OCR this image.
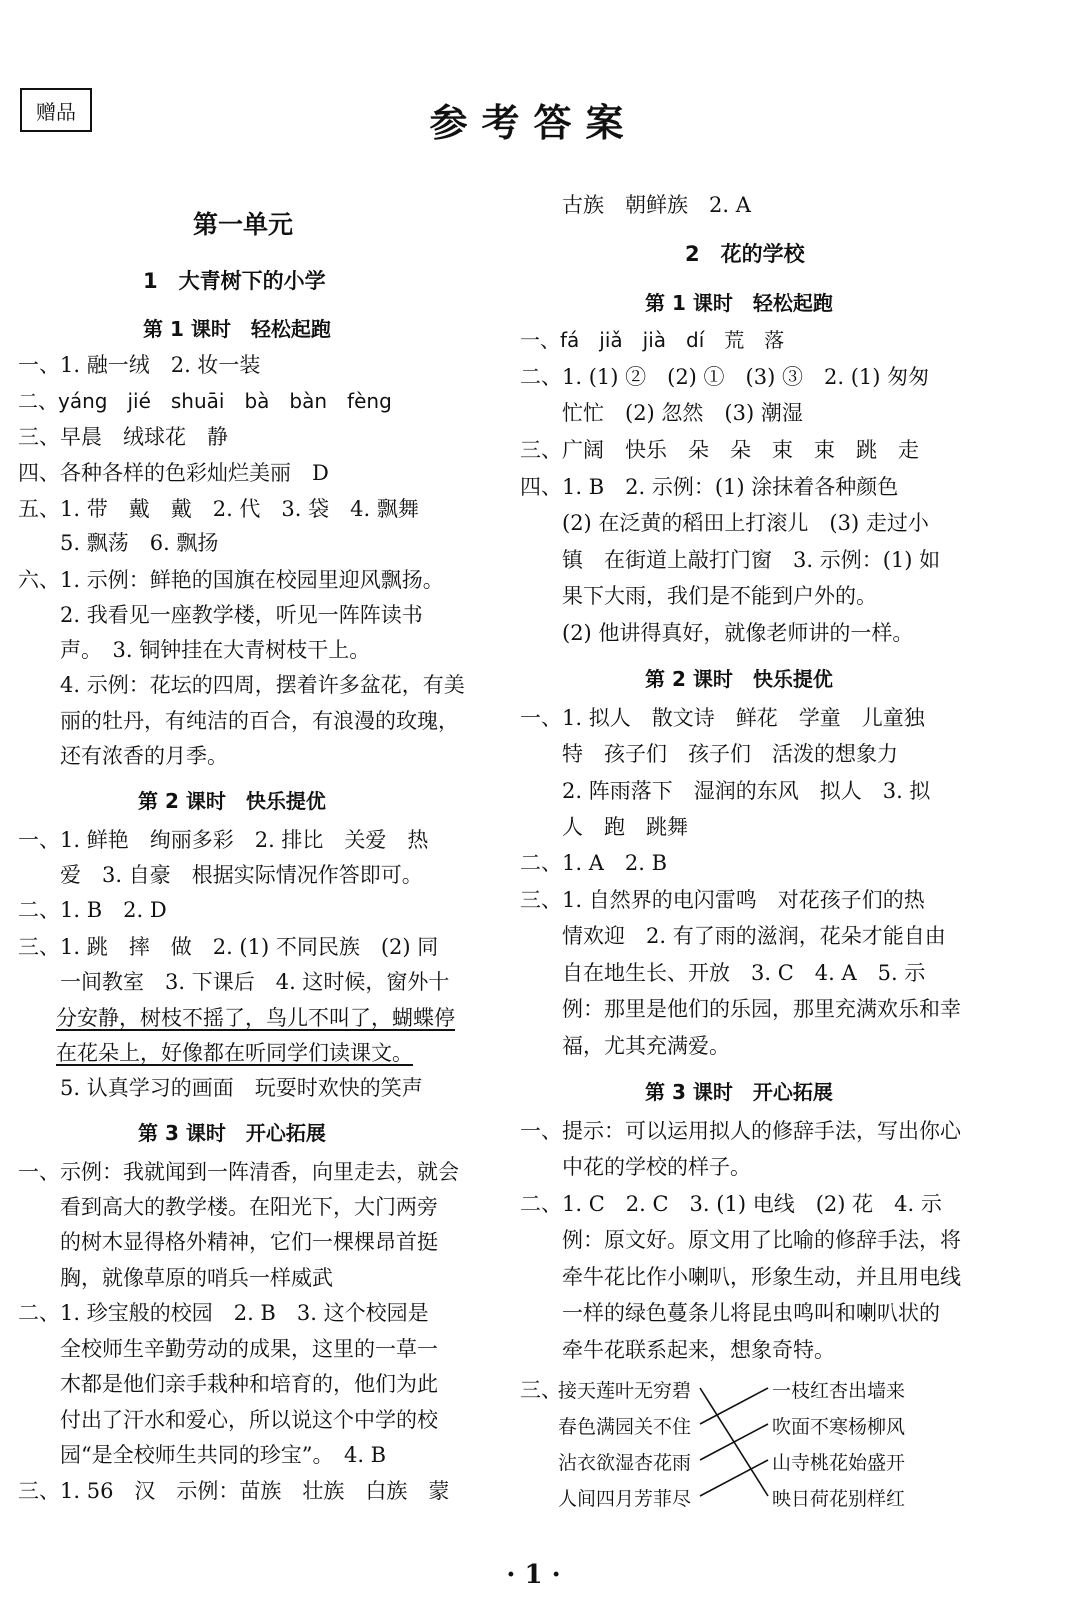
赠品	参考答案
第一单元
1　大青树下的小学
第 1 课时　轻松起跑
一、1. 融一绒　2. 妆一装
二、yáng　jié　shuāi　bà　bàn　fèng
三、早晨　绒球花　静
四、各种各样的色彩灿烂美丽　D
五、1. 带　戴　戴　2. 代　3. 袋　4. 飘舞
　　5. 飘荡　6. 飘扬
六、1. 示例：鲜艳的国旗在校园里迎风飘扬。
　　2. 我看见一座教学楼，听见一阵阵读书
　　声。　3. 铜钟挂在大青树枝干上。
　　4. 示例：花坛的四周，摆着许多盆花，有美
　　丽的牡丹，有纯洁的百合，有浪漫的玫瑰，
　　还有浓香的月季。
第 2 课时　快乐提优
一、1. 鲜艳　绚丽多彩　2. 排比　关爱　热
　　爱　3. 自豪　根据实际情况作答即可。
二、1. B　2. D
三、1. 跳　摔　做　2. (1) 不同民族　(2) 同
　　一间教室　3. 下课后　4. 这时候，窗外十
分安静，树枝不摇了，鸟儿不叫了，蝴蝶停
在花朵上，好像都在听同学们读课文。
　　5. 认真学习的画面　玩耍时欢快的笑声
第 3 课时　开心拓展
一、示例：我就闻到一阵清香，向里走去，就会
　　看到高大的教学楼。在阳光下，大门两旁
　　的树木显得格外精神，它们一棵棵昂首挺
　　胸，就像草原的哨兵一样威武
二、1. 珍宝般的校园　2. B　3. 这个校园是
　　全校师生辛勤劳动的成果，这里的一草一
　　木都是他们亲手栽种和培育的，他们为此
　　付出了汗水和爱心，所以说这个中学的校
　　园“是全校师生共同的珍宝”。　4. B
三、1. 56　汉　示例：苗族　壮族　白族　蒙
　　古族　朝鲜族　2. A
2　花的学校
第 1 课时　轻松起跑
一、fá　jiǎ　jià　dí　荒　落
二、1. (1) ②　(2) ①　(3) ③　2. (1) 匆匆
　　忙忙　(2) 忽然　(3) 潮湿
三、广阔　快乐　朵　朵　束　束　跳　走
四、1. B　2. 示例：(1) 涂抹着各种颜色
　　(2) 在泛黄的稻田上打滚儿　(3) 走过小
　　镇　在街道上敲打门窗　3. 示例：(1) 如
　　果下大雨，我们是不能到户外的。
　　(2) 他讲得真好，就像老师讲的一样。
第 2 课时　快乐提优
一、1. 拟人　散文诗　鲜花　学童　儿童独
　　特　孩子们　孩子们　活泼的想象力
　　2. 阵雨落下　湿润的东风　拟人　3. 拟
　　人　跑　跳舞
二、1. A　2. B
三、1. 自然界的电闪雷鸣　对花孩子们的热
　　情欢迎　2. 有了雨的滋润，花朵才能自由
　　自在地生长、开放　3. C　4. A　5. 示
　　例：那里是他们的乐园，那里充满欢乐和幸
　　福，尤其充满爱。
第 3 课时　开心拓展
一、提示：可以运用拟人的修辞手法，写出你心
　　中花的学校的样子。
二、1. C　2. C　3. (1) 电线　(2) 花　4. 示
　　例：原文好。原文用了比喻的修辞手法，将
　　牵牛花比作小喇叭，形象生动，并且用电线
　　一样的绿色蔓条儿将昆虫鸣叫和喇叭状的
　　牵牛花联系起来，想象奇特。
三、
接天莲叶无穷碧
春色满园关不住
沾衣欲湿杏花雨
人间四月芳菲尽
一枝红杏出墙来
吹面不寒杨柳风
山寺桃花始盛开
映日荷花别样红
· 1 ·
